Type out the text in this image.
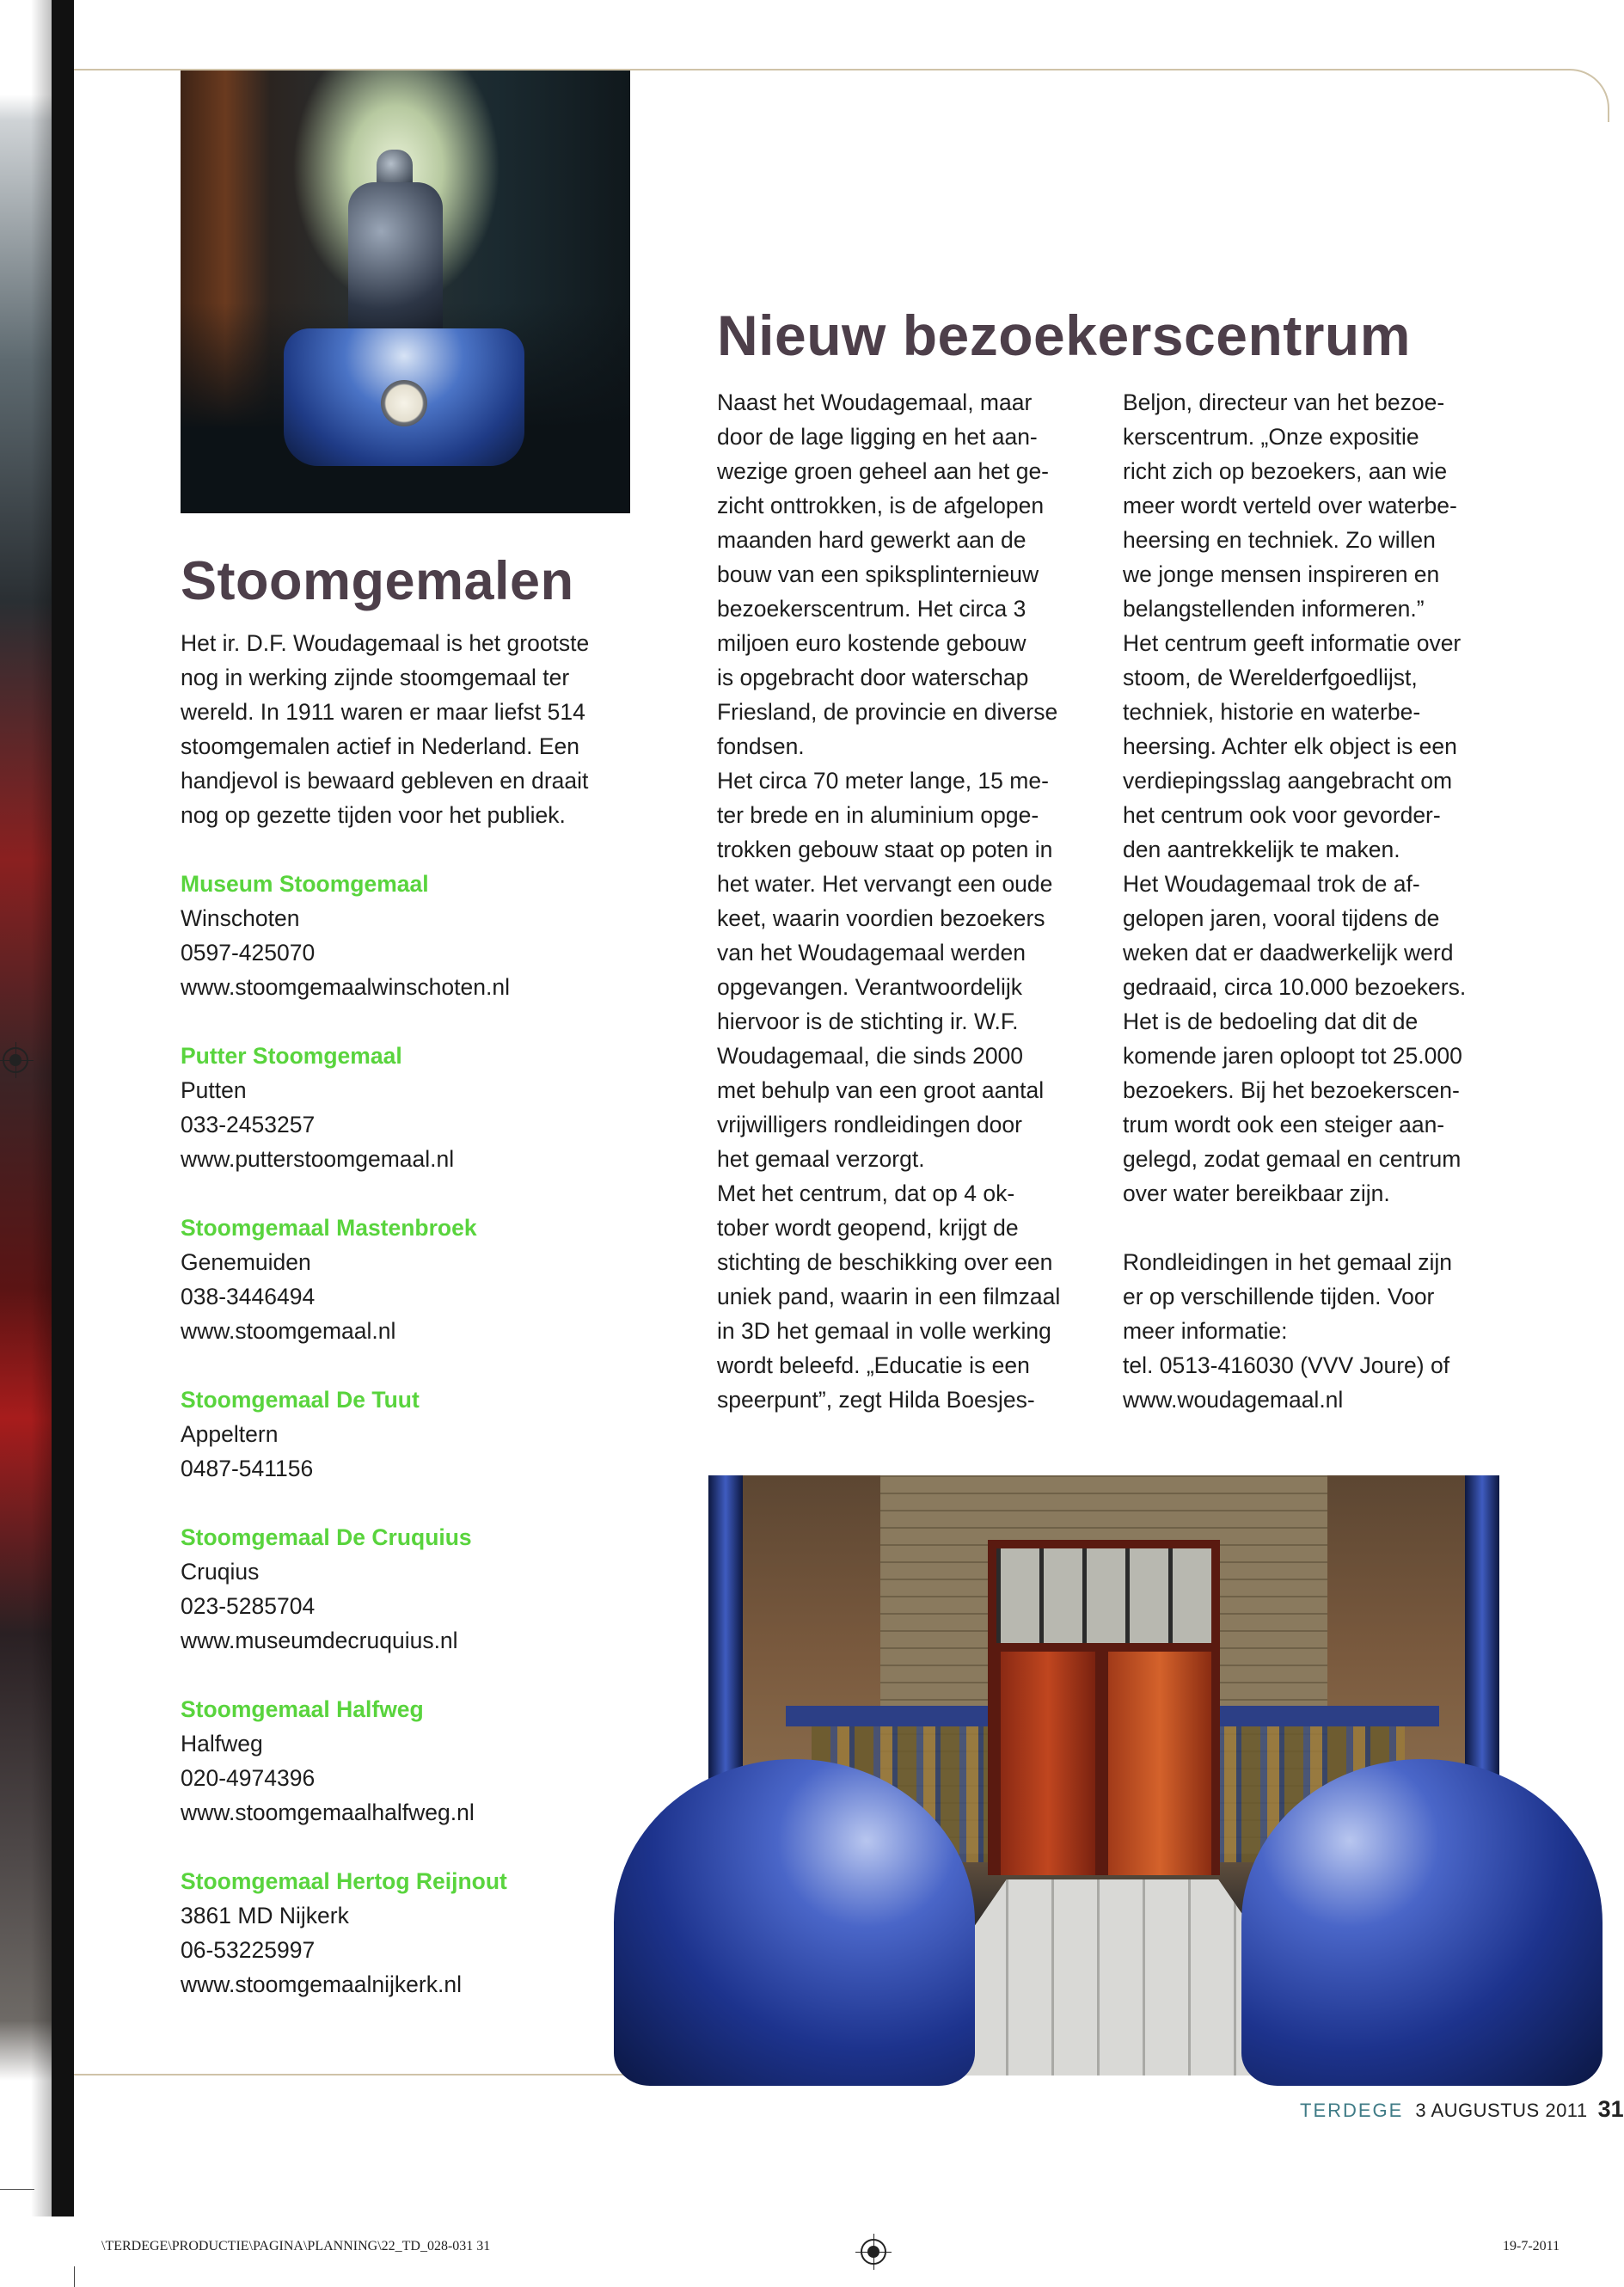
Stoomgemalen

Het ir. D.F. Woudagemaal is het grootste

nog in werking zijnde stoomgemaal ter

wereld. In 1911 waren er maar liefst 514

stoomgemalen actief in Nederland. Een

handjevol is bewaard gebleven en draait

nog op gezette tijden voor het publiek.

Museum Stoomgemaal
Winschoten
0597-425070
www.stoomgemaalwinschoten.nl
Putter Stoomgemaal
Putten
033-2453257
www.putterstoomgemaal.nl
Stoomgemaal Mastenbroek
Genemuiden
038-3446494
www.stoomgemaal.nl
Stoomgemaal De Tuut
Appeltern
0487-541156
Stoomgemaal De Cruquius
Cruqius
023-5285704
www.museumdecruquius.nl
Stoomgemaal Halfweg
Halfweg
020-4974396
www.stoomgemaalhalfweg.nl
Stoomgemaal Hertog Reijnout
3861 MD Nijkerk
06-53225997
www.stoomgemaalnijkerk.nl
Nieuw bezoekerscentrum

Naast het Woudagemaal, maar

door de lage ligging en het aan-

wezige groen geheel aan het ge-

zicht onttrokken, is de afgelopen

maanden hard gewerkt aan de

bouw van een spiksplinternieuw

bezoekerscentrum. Het circa 3

miljoen euro kostende gebouw

is opgebracht door waterschap

Friesland, de provincie en diverse

fondsen.

Het circa 70 meter lange, 15 me-

ter brede en in aluminium opge-

trokken gebouw staat op poten in

het water. Het vervangt een oude

keet, waarin voordien bezoekers

van het Woudagemaal werden

opgevangen. Verantwoordelijk

hiervoor is de stichting ir. W.F.

Woudagemaal, die sinds 2000

met behulp van een groot aantal

vrijwilligers rondleidingen door

het gemaal verzorgt.

Met het centrum, dat op 4 ok-

tober wordt geopend, krijgt de

stichting de beschikking over een

uniek pand, waarin in een filmzaal

in 3D het gemaal in volle werking

wordt beleefd. „Educatie is een

speerpunt”, zegt Hilda Boesjes-

Beljon, directeur van het bezoe-

kerscentrum. „Onze expositie

richt zich op bezoekers, aan wie

meer wordt verteld over waterbe-

heersing en techniek. Zo willen

we jonge mensen inspireren en

belangstellenden informeren.”

Het centrum geeft informatie over

stoom, de Werelderfgoedlijst,

techniek, historie en waterbe-

heersing. Achter elk object is een

verdiepingsslag aangebracht om

het centrum ook voor gevorder-

den aantrekkelijk te maken.

Het Woudagemaal trok de af-

gelopen jaren, vooral tijdens de

weken dat er daadwerkelijk werd

gedraaid, circa 10.000 bezoekers.

Het is de bedoeling dat dit de

komende jaren oploopt tot 25.000

bezoekers. Bij het bezoekerscen-

trum wordt ook een steiger aan-

gelegd, zodat gemaal en centrum

over water bereikbaar zijn.

Rondleidingen in het gemaal zijn

er op verschillende tijden. Voor

meer informatie:

tel. 0513-416030 (VVV Joure) of

www.woudagemaal.nl

TERDEGE 3 AUGUSTUS 2011 31
\TERDEGE\PRODUCTIE\PAGINA\PLANNING\22_TD_028-031 31	19-7-2011
